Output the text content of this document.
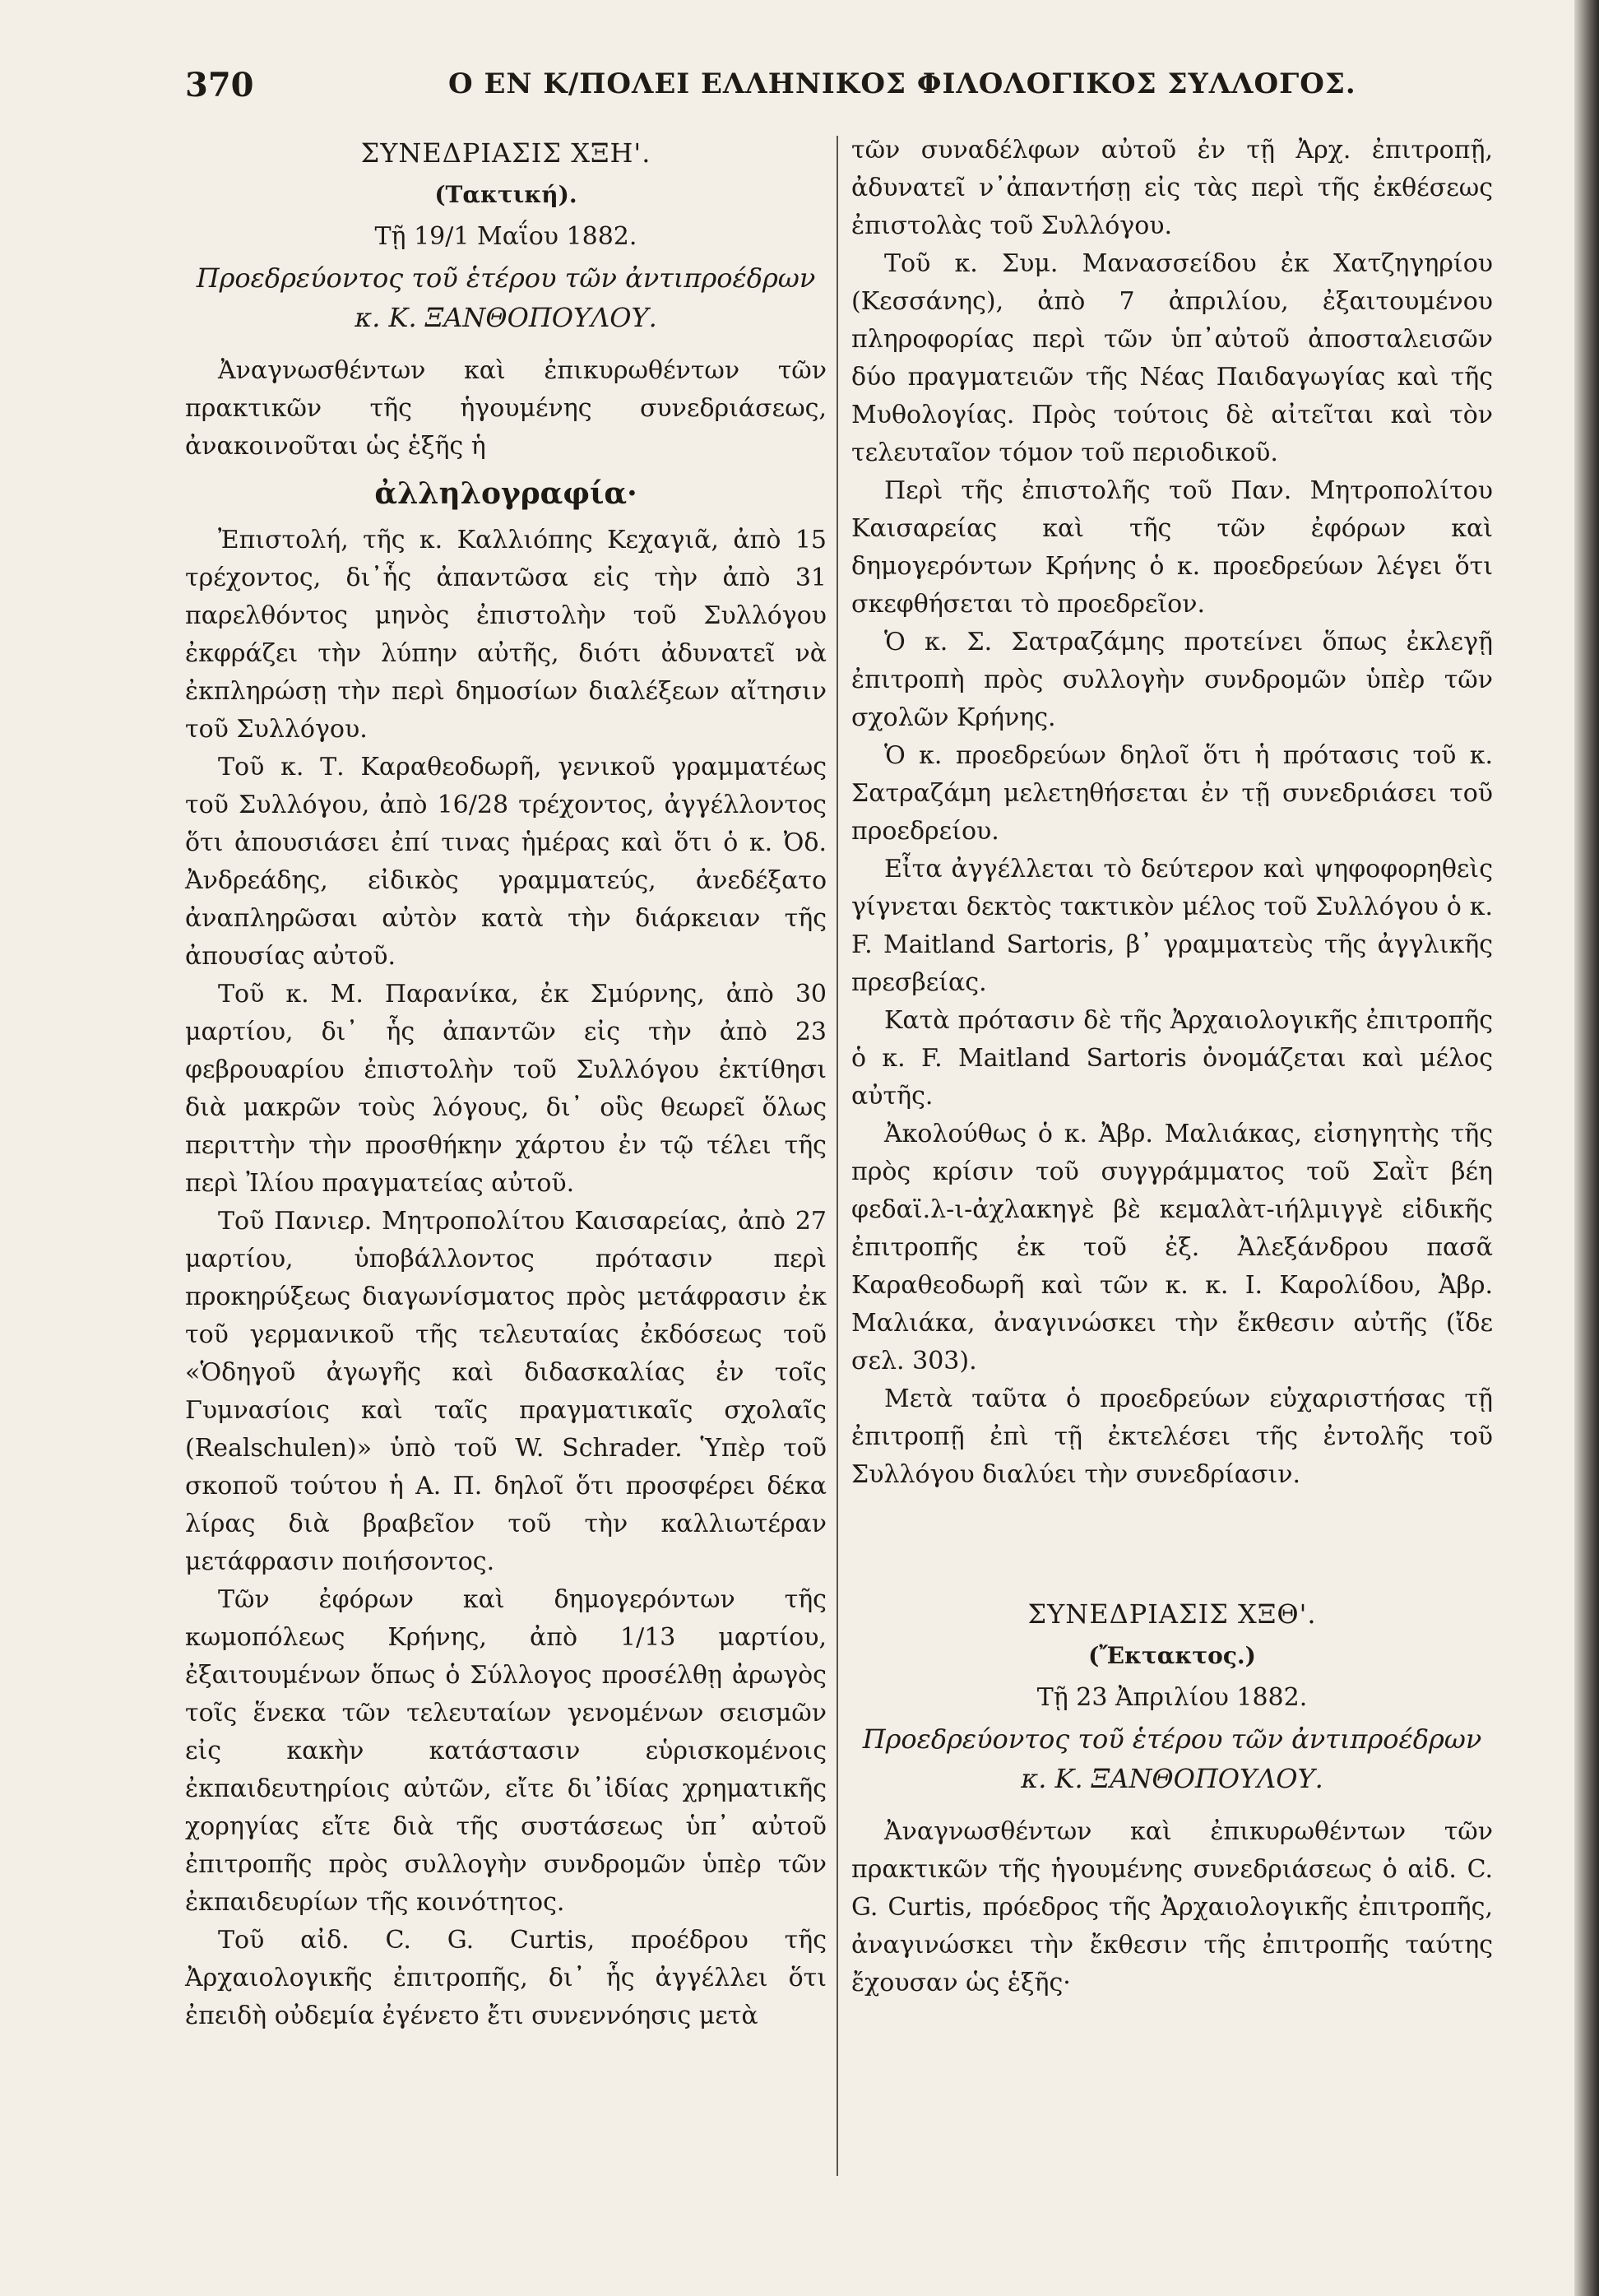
370	Ο ΕΝ Κ/ΠΟΛΕΙ ΕΛΛΗΝΙΚΟΣ ΦΙΛΟΛΟΓΙΚΟΣ ΣΥΛΛΟΓΟΣ.
ΣΥΝΕΔΡΙΑΣΙΣ ΧΞΗ'.
(Τακτική).
Τῇ 19/1 Μαΐου 1882.
Προεδρεύοντος τοῦ ἑτέρου τῶν ἀντιπροέδρων κ. Κ. ΞΑΝΘΟΠΟΥΛΟΥ.

Ἀναγνωσθέντων καὶ ἐπικυρωθέντων τῶν πρακτικῶν τῆς ἡγουμένης συνεδριάσεως, ἀνακοινοῦται ὡς ἑξῆς ἡ

ἀλληλογραφία·

Ἐπιστολή, τῆς κ. Καλλιόπης Κεχαγιᾶ, ἀπὸ 15 τρέχοντος, δι᾽ἧς ἀπαντῶσα εἰς τὴν ἀπὸ 31 παρελθόντος μηνὸς ἐπιστολὴν τοῦ Συλλόγου ἐκφράζει τὴν λύπην αὐτῆς, διότι ἀδυνατεῖ νὰ ἐκπληρώσῃ τὴν περὶ δημοσίων διαλέξεων αἴτησιν τοῦ Συλλόγου.

Τοῦ κ. Τ. Καραθεοδωρῆ, γενικοῦ γραμματέως τοῦ Συλλόγου, ἀπὸ 16/28 τρέχοντος, ἀγγέλλοντος ὅτι ἀπουσιάσει ἐπί τινας ἡμέρας καὶ ὅτι ὁ κ. Ὀδ. Ἀνδρεάδης, εἰδικὸς γραμματεύς, ἀνεδέξατο ἀναπληρῶσαι αὐτὸν κατὰ τὴν διάρκειαν τῆς ἀπουσίας αὐτοῦ.

Τοῦ κ. Μ. Παρανίκα, ἐκ Σμύρνης, ἀπὸ 30 μαρτίου, δι᾽ ἧς ἀπαντῶν εἰς τὴν ἀπὸ 23 φεβρουαρίου ἐπιστολὴν τοῦ Συλλόγου ἐκτίθησι διὰ μακρῶν τοὺς λόγους, δι᾽ οὓς θεωρεῖ ὅλως περιττὴν τὴν προσθήκην χάρτου ἐν τῷ τέλει τῆς περὶ Ἰλίου πραγματείας αὐτοῦ.

Τοῦ Πανιερ. Μητροπολίτου Καισαρείας, ἀπὸ 27 μαρτίου, ὑποβάλλοντος πρότασιν περὶ προκηρύξεως διαγωνίσματος πρὸς μετάφρασιν ἐκ τοῦ γερμανικοῦ τῆς τελευταίας ἐκδόσεως τοῦ «Ὁδηγοῦ ἀγωγῆς καὶ διδασκαλίας ἐν τοῖς Γυμνασίοις καὶ ταῖς πραγματικαῖς σχολαῖς (Realschulen)» ὑπὸ τοῦ W. Schrader. Ὑπὲρ τοῦ σκοποῦ τούτου ἡ Α. Π. δηλοῖ ὅτι προσφέρει δέκα λίρας διὰ βραβεῖον τοῦ τὴν καλλιωτέραν μετάφρασιν ποιήσοντος.

Τῶν ἐφόρων καὶ δημογερόντων τῆς κωμοπόλεως Κρήνης, ἀπὸ 1/13 μαρτίου, ἐξαιτουμένων ὅπως ὁ Σύλλογος προσέλθῃ ἀρωγὸς τοῖς ἕνεκα τῶν τελευταίων γενομένων σεισμῶν εἰς κακὴν κατάστασιν εὑρισκομένοις ἐκπαιδευτηρίοις αὐτῶν, εἴτε δι᾽ἰδίας χρηματικῆς χορηγίας εἴτε διὰ τῆς συστάσεως ὑπ᾽ αὐτοῦ ἐπιτροπῆς πρὸς συλλογὴν συνδρομῶν ὑπὲρ τῶν ἐκπαιδευρίων τῆς κοινότητος.

Τοῦ αἰδ. C. G. Curtis, προέδρου τῆς Ἀρχαιολογικῆς ἐπιτροπῆς, δι᾽ ἧς ἀγγέλλει ὅτι ἐπειδὴ οὐδεμία ἐγένετο ἔτι συνεννόησις μετὰ

τῶν συναδέλφων αὐτοῦ ἐν τῇ Ἀρχ. ἐπιτροπῇ, ἀδυνατεῖ ν᾽ἀπαντήσῃ εἰς τὰς περὶ τῆς ἐκθέσεως ἐπιστολὰς τοῦ Συλλόγου.

Τοῦ κ. Συμ. Μανασσείδου ἐκ Χατζηγηρίου (Κεσσάνης), ἀπὸ 7 ἀπριλίου, ἐξαιτουμένου πληροφορίας περὶ τῶν ὑπ᾽αὐτοῦ ἀποσταλεισῶν δύο πραγματειῶν τῆς Νέας Παιδαγωγίας καὶ τῆς Μυθολογίας. Πρὸς τούτοις δὲ αἰτεῖται καὶ τὸν τελευταῖον τόμον τοῦ περιοδικοῦ.

Περὶ τῆς ἐπιστολῆς τοῦ Παν. Μητροπολίτου Καισαρείας καὶ τῆς τῶν ἐφόρων καὶ δημογερόντων Κρήνης ὁ κ. προεδρεύων λέγει ὅτι σκεφθήσεται τὸ προεδρεῖον.

Ὁ κ. Σ. Σατραζάμης προτείνει ὅπως ἐκλεγῇ ἐπιτροπὴ πρὸς συλλογὴν συνδρομῶν ὑπὲρ τῶν σχολῶν Κρήνης.

Ὁ κ. προεδρεύων δηλοῖ ὅτι ἡ πρότασις τοῦ κ. Σατραζάμη μελετηθήσεται ἐν τῇ συνεδριάσει τοῦ προεδρείου.

Εἶτα ἀγγέλλεται τὸ δεύτερον καὶ ψηφοφορηθεὶς γίγνεται δεκτὸς τακτικὸν μέλος τοῦ Συλλόγου ὁ κ. F. Maitland Sartoris, β᾽ γραμματεὺς τῆς ἀγγλικῆς πρεσβείας.

Κατὰ πρότασιν δὲ τῆς Ἀρχαιολογικῆς ἐπιτροπῆς ὁ κ. F. Maitland Sartoris ὀνομάζεται καὶ μέλος αὐτῆς.

Ἀκολούθως ὁ κ. Ἀβρ. Μαλιάκας, εἰσηγητὴς τῆς πρὸς κρίσιν τοῦ συγγράμματος τοῦ Σαῒτ βέη φεδαϊ.λ-ι-ἀχλακηγὲ βὲ κεμαλὰτ-ιήλμιγγὲ εἰδικῆς ἐπιτροπῆς ἐκ τοῦ ἐξ. Ἀλεξάνδρου πασᾶ Καραθεοδωρῆ καὶ τῶν κ. κ. Ι. Καρολίδου, Ἀβρ. Μαλιάκα, ἀναγινώσκει τὴν ἔκθεσιν αὐτῆς (ἴδε σελ. 303).

Μετὰ ταῦτα ὁ προεδρεύων εὐχαριστήσας τῇ ἐπιτροπῇ ἐπὶ τῇ ἐκτελέσει τῆς ἐντολῆς τοῦ Συλλόγου διαλύει τὴν συνεδρίασιν.

ΣΥΝΕΔΡΙΑΣΙΣ ΧΞΘ'.
(Ἔκτακτος.)
Τῇ 23 Ἀπριλίου 1882.
Προεδρεύοντος τοῦ ἑτέρου τῶν ἀντιπροέδρων κ. Κ. ΞΑΝΘΟΠΟΥΛΟΥ.

Ἀναγνωσθέντων καὶ ἐπικυρωθέντων τῶν πρακτικῶν τῆς ἡγουμένης συνεδριάσεως ὁ αἰδ. C. G. Curtis, πρόεδρος τῆς Ἀρχαιολογικῆς ἐπιτροπῆς, ἀναγινώσκει τὴν ἔκθεσιν τῆς ἐπιτροπῆς ταύτης ἔχουσαν ὡς ἑξῆς·
